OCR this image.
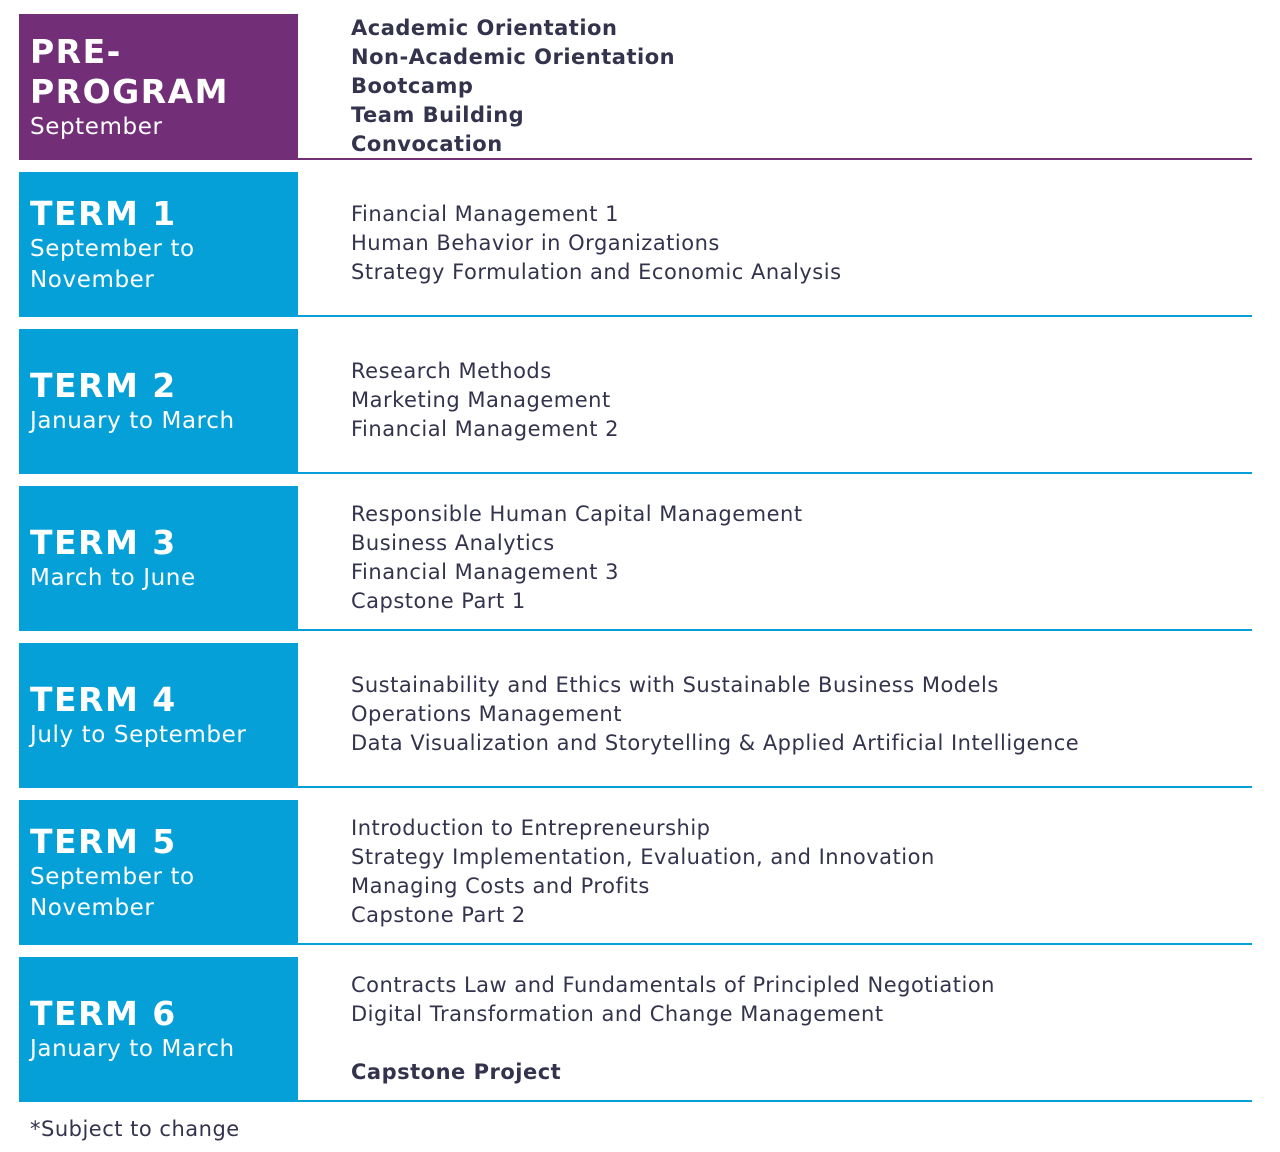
PRE-
PROGRAM
September
Academic Orientation
Non-Academic Orientation
Bootcamp
Team Building
Convocation
TERM 1
September to
November
Financial Management 1
Human Behavior in Organizations
Strategy Formulation and Economic Analysis
TERM 2
January to March
Research Methods
Marketing Management
Financial Management 2
TERM 3
March to June
Responsible Human Capital Management
Business Analytics
Financial Management 3
Capstone Part 1
TERM 4
July to September
Sustainability and Ethics with Sustainable Business Models
Operations Management
Data Visualization and Storytelling & Applied Artificial Intelligence
TERM 5
September to
November
Introduction to Entrepreneurship
Strategy Implementation, Evaluation, and Innovation
Managing Costs and Profits
Capstone Part 2
TERM 6
January to March
Contracts Law and Fundamentals of Principled Negotiation
Digital Transformation and Change Management
Capstone Project
*Subject to change
